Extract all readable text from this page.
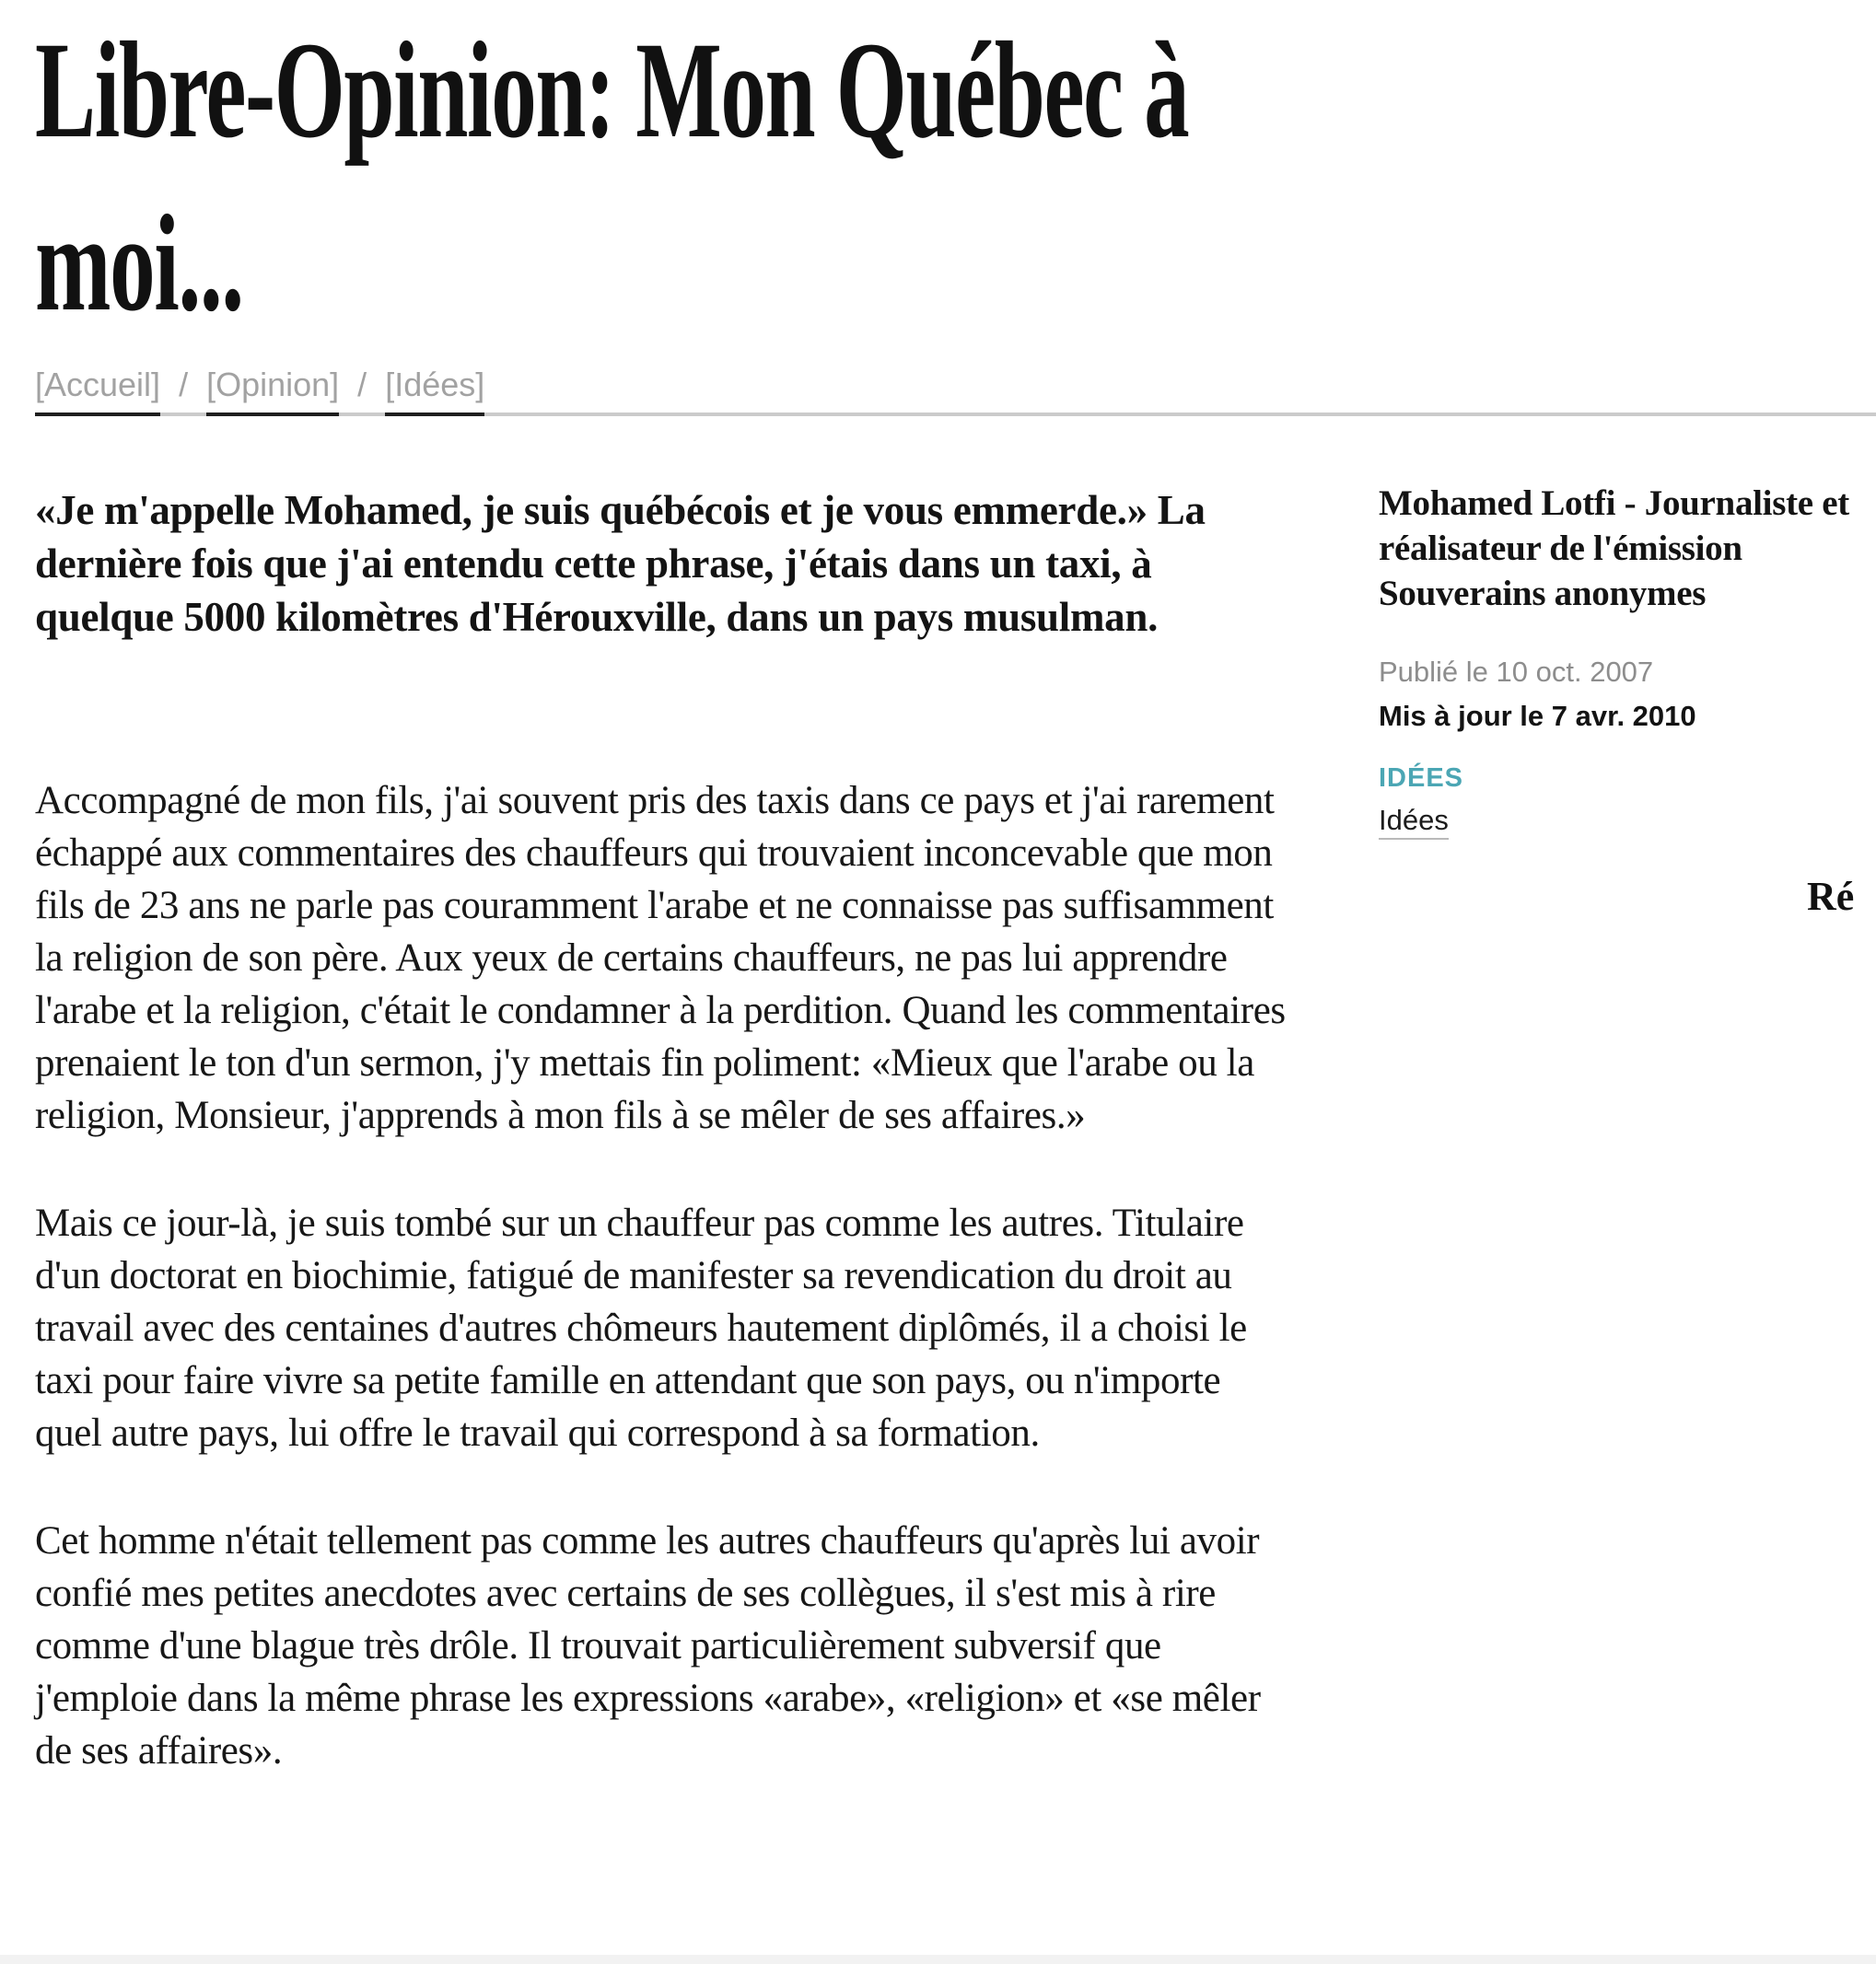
Libre-Opinion: Mon Québec à
moi...
[Accueil] / [Opinion] / [Idées]

«Je m'appelle Mohamed, je suis québécois et je vous emmerde.» La dernière fois que j'ai entendu cette phrase, j'étais dans un taxi, à quelque 5000 kilomètres d'Hérouxville, dans un pays musulman.

Accompagné de mon fils, j'ai souvent pris des taxis dans ce pays et j'ai rarement échappé aux commentaires des chauffeurs qui trouvaient inconcevable que mon fils de 23 ans ne parle pas couramment l'arabe et ne connaisse pas suffisamment la religion de son père. Aux yeux de certains chauffeurs, ne pas lui apprendre l'arabe et la religion, c'était le condamner à la perdition. Quand les commentaires prenaient le ton d'un sermon, j'y mettais fin poliment: «Mieux que l'arabe ou la religion, Monsieur, j'apprends à mon fils à se mêler de ses affaires.»

Mais ce jour-là, je suis tombé sur un chauffeur pas comme les autres. Titulaire d'un doctorat en biochimie, fatigué de manifester sa revendication du droit au travail avec des centaines d'autres chômeurs hautement diplômés, il a choisi le taxi pour faire vivre sa petite famille en attendant que son pays, ou n'importe quel autre pays, lui offre le travail qui correspond à sa formation.

Cet homme n'était tellement pas comme les autres chauffeurs qu'après lui avoir confié mes petites anecdotes avec certains de ses collègues, il s'est mis à rire comme d'une blague très drôle. Il trouvait particulièrement subversif que j'emploie dans la même phrase les expressions «arabe», «religion» et «se mêler de ses affaires».

Mohamed Lotfi - Journaliste et réalisateur de l'émission Souverains anonymes
Publié le 10 oct. 2007
Mis à jour le 7 avr. 2010
IDÉES
Idées
Ré
